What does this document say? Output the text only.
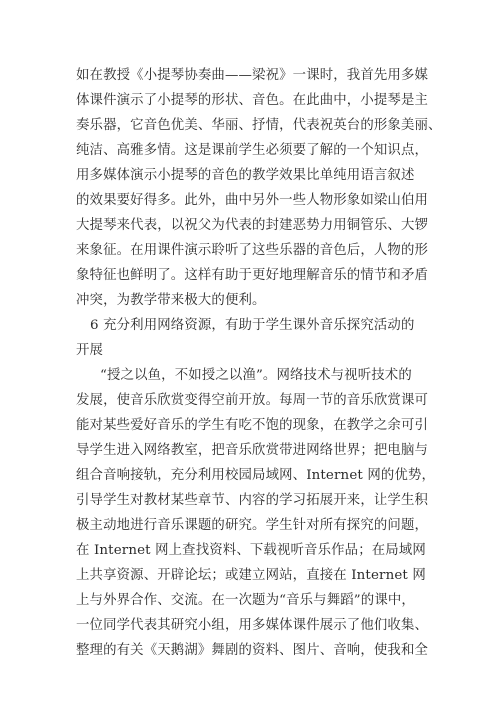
如在教授《小提琴协奏曲——梁祝》一课时，我首先用多媒
体课件演示了小提琴的形状、音色。在此曲中，小提琴是主
奏乐器，它音色优美、华丽、抒情，代表祝英台的形象美丽、
纯洁、高雅多情。这是课前学生必须要了解的一个知识点，
用多媒体演示小提琴的音色的教学效果比单纯用语言叙述
的效果要好得多。此外，曲中另外一些人物形象如梁山伯用
大提琴来代表，以祝父为代表的封建恶势力用铜管乐、大锣
来象征。在用课件演示聆听了这些乐器的音色后，人物的形
象特征也鲜明了。这样有助于更好地理解音乐的情节和矛盾
冲突，为教学带来极大的便利。
6 充分利用网络资源，有助于学生课外音乐探究活动的
开展
“授之以鱼，不如授之以渔”。网络技术与视听技术的
发展，使音乐欣赏变得空前开放。每周一节的音乐欣赏课可
能对某些爱好音乐的学生有吃不饱的现象，在教学之余可引
导学生进入网络教室，把音乐欣赏带进网络世界；把电脑与
组合音响接轨，充分利用校园局域网、Internet 网的优势，
引导学生对教材某些章节、内容的学习拓展开来，让学生积
极主动地进行音乐课题的研究。学生针对所有探究的问题，
在 Internet 网上查找资料、下载视听音乐作品；在局域网
上共享资源、开辟论坛；或建立网站，直接在 Internet 网
上与外界合作、交流。在一次题为“音乐与舞蹈”的课中，
一位同学代表其研究小组，用多媒体课件展示了他们收集、
整理的有关《天鹅湖》舞剧的资料、图片、音响，使我和全
